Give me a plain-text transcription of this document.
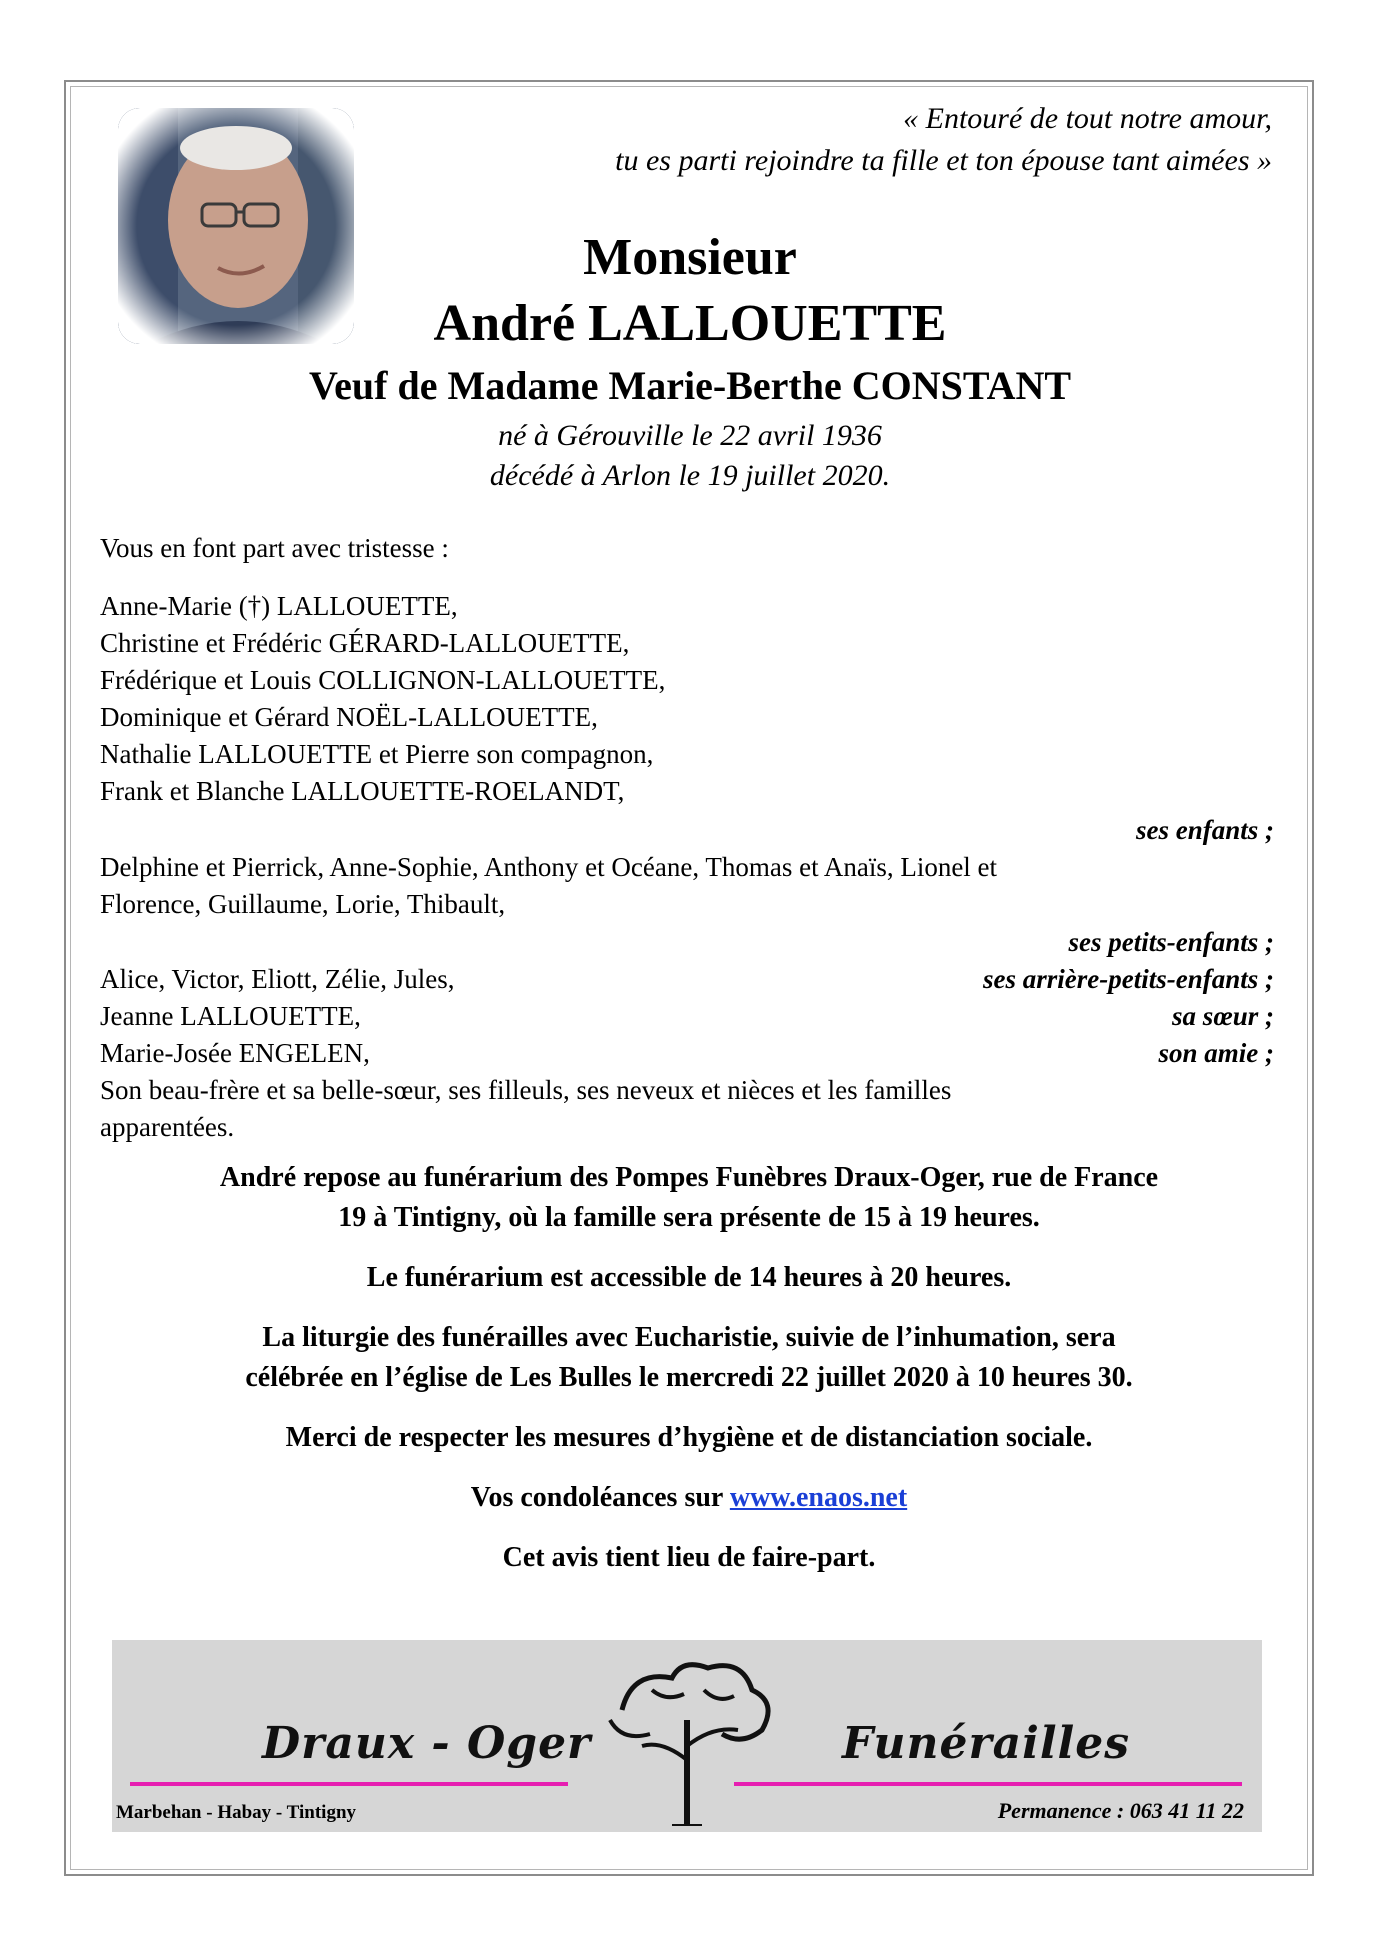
« Entouré de tout notre amour,
tu es parti rejoindre ta fille et ton épouse tant aimées »
Monsieur
André LALLOUETTE
Veuf de Madame Marie-Berthe CONSTANT
né à Gérouville le 22 avril 1936
décédé à Arlon le 19 juillet 2020.
Vous en font part avec tristesse :
Anne-Marie (†) LALLOUETTE,
Christine et Frédéric GÉRARD-LALLOUETTE,
Frédérique et Louis COLLIGNON-LALLOUETTE,
Dominique et Gérard NOËL-LALLOUETTE,
Nathalie LALLOUETTE et Pierre son compagnon,
Frank et Blanche LALLOUETTE-ROELANDT,
ses enfants ;
Delphine et Pierrick, Anne-Sophie, Anthony et Océane, Thomas et Anaïs, Lionel et
Florence, Guillaume, Lorie, Thibault,
ses petits-enfants ;
Alice, Victor, Eliott, Zélie, Jules,	ses arrière-petits-enfants ;
Jeanne LALLOUETTE,	sa sœur ;
Marie-Josée ENGELEN,	son amie ;
Son beau-frère et sa belle-sœur, ses filleuls, ses neveux et nièces et les familles
apparentées.
André repose au funérarium des Pompes Funèbres Draux-Oger, rue de France
19 à Tintigny, où la famille sera présente de 15 à 19 heures.
Le funérarium est accessible de 14 heures à 20 heures.
La liturgie des funérailles avec Eucharistie, suivie de l’inhumation, sera
célébrée en l’église de Les Bulles le mercredi 22 juillet 2020 à 10 heures 30.
Merci de respecter les mesures d’hygiène et de distanciation sociale.
Vos condoléances sur www.enaos.net
Cet avis tient lieu de faire-part.
Draux - Oger	Funérailles
Marbehan - Habay - Tintigny	Permanence : 063 41 11 22
